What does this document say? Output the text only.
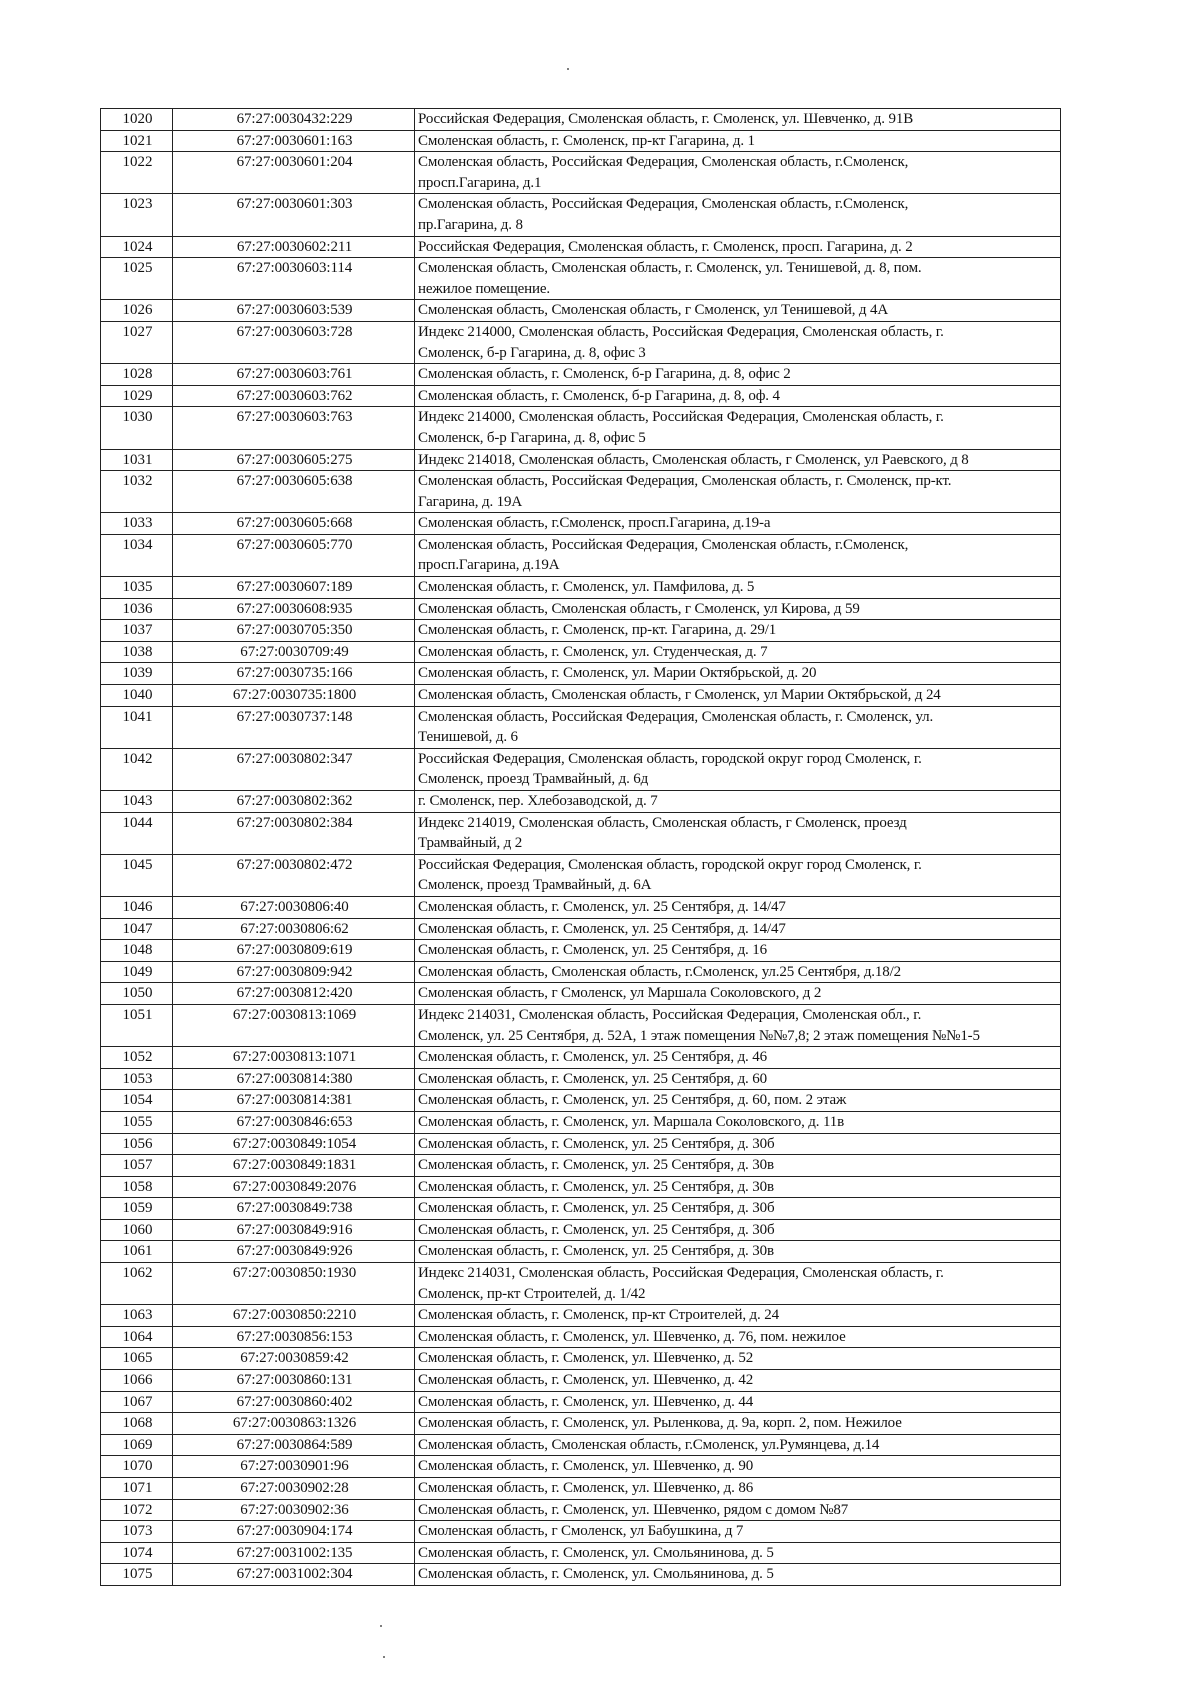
1020	67:27:0030432:229	Российская Федерация, Смоленская область, г. Смоленск, ул. Шевченко, д. 91В
1021	67:27:0030601:163	Смоленская область, г. Смоленск, пр-кт Гагарина, д. 1
1022	67:27:0030601:204	Смоленская область, Российская Федерация, Смоленская область, г.Смоленск,
просп.Гагарина, д.1
1023	67:27:0030601:303	Смоленская область, Российская Федерация, Смоленская область, г.Смоленск,
пр.Гагарина, д. 8
1024	67:27:0030602:211	Российская Федерация, Смоленская область, г. Смоленск, просп. Гагарина, д. 2
1025	67:27:0030603:114	Смоленская область, Смоленская область, г. Смоленск, ул. Тенишевой, д. 8, пом.
нежилое помещение.
1026	67:27:0030603:539	Смоленская область, Смоленская область, г Смоленск, ул Тенишевой, д 4А
1027	67:27:0030603:728	Индекс 214000, Смоленская область, Российская Федерация, Смоленская область, г.
Смоленск, б-р Гагарина, д. 8, офис 3
1028	67:27:0030603:761	Смоленская область, г. Смоленск, б-р Гагарина, д. 8, офис 2
1029	67:27:0030603:762	Смоленская область, г. Смоленск, б-р Гагарина, д. 8, оф. 4
1030	67:27:0030603:763	Индекс 214000, Смоленская область, Российская Федерация, Смоленская область, г.
Смоленск, б-р Гагарина, д. 8, офис 5
1031	67:27:0030605:275	Индекс 214018, Смоленская область, Смоленская область, г Смоленск, ул Раевского, д 8
1032	67:27:0030605:638	Смоленская область, Российская Федерация, Смоленская область, г. Смоленск, пр-кт.
Гагарина, д. 19А
1033	67:27:0030605:668	Смоленская область, г.Смоленск, просп.Гагарина, д.19-а
1034	67:27:0030605:770	Смоленская область, Российская Федерация, Смоленская область, г.Смоленск,
просп.Гагарина, д.19А
1035	67:27:0030607:189	Смоленская область, г. Смоленск, ул. Памфилова, д. 5
1036	67:27:0030608:935	Смоленская область, Смоленская область, г Смоленск, ул Кирова, д 59
1037	67:27:0030705:350	Смоленская область, г. Смоленск, пр-кт. Гагарина, д. 29/1
1038	67:27:0030709:49	Смоленская область, г. Смоленск, ул. Студенческая, д. 7
1039	67:27:0030735:166	Смоленская область, г. Смоленск, ул. Марии Октябрьской, д. 20
1040	67:27:0030735:1800	Смоленская область, Смоленская область, г Смоленск, ул Марии Октябрьской, д 24
1041	67:27:0030737:148	Смоленская область, Российская Федерация, Смоленская область, г. Смоленск, ул.
Тенишевой, д. 6
1042	67:27:0030802:347	Российская Федерация, Смоленская область, городской округ город Смоленск, г.
Смоленск, проезд Трамвайный, д. 6д
1043	67:27:0030802:362	г. Смоленск, пер. Хлебозаводской, д. 7
1044	67:27:0030802:384	Индекс 214019, Смоленская область, Смоленская область, г Смоленск, проезд
Трамвайный, д 2
1045	67:27:0030802:472	Российская Федерация, Смоленская область, городской округ город Смоленск, г.
Смоленск, проезд Трамвайный, д. 6А
1046	67:27:0030806:40	Смоленская область, г. Смоленск, ул. 25 Сентября, д. 14/47
1047	67:27:0030806:62	Смоленская область, г. Смоленск, ул. 25 Сентября, д. 14/47
1048	67:27:0030809:619	Смоленская область, г. Смоленск, ул. 25 Сентября, д. 16
1049	67:27:0030809:942	Смоленская область, Смоленская область, г.Смоленск, ул.25 Сентября, д.18/2
1050	67:27:0030812:420	Смоленская область, г Смоленск, ул Маршала Соколовского, д 2
1051	67:27:0030813:1069	Индекс 214031, Смоленская область, Российская Федерация, Смоленская обл., г.
Смоленск, ул. 25 Сентября, д. 52А, 1 этаж помещения №№7,8; 2 этаж помещения №№1-5
1052	67:27:0030813:1071	Смоленская область, г. Смоленск, ул. 25 Сентября, д. 46
1053	67:27:0030814:380	Смоленская область, г. Смоленск, ул. 25 Сентября, д. 60
1054	67:27:0030814:381	Смоленская область, г. Смоленск, ул. 25 Сентября, д. 60, пом. 2 этаж
1055	67:27:0030846:653	Смоленская область, г. Смоленск, ул. Маршала Соколовского, д. 11в
1056	67:27:0030849:1054	Смоленская область, г. Смоленск, ул. 25 Сентября, д. 30б
1057	67:27:0030849:1831	Смоленская область, г. Смоленск, ул. 25 Сентября, д. 30в
1058	67:27:0030849:2076	Смоленская область, г. Смоленск, ул. 25 Сентября, д. 30в
1059	67:27:0030849:738	Смоленская область, г. Смоленск, ул. 25 Сентября, д. 30б
1060	67:27:0030849:916	Смоленская область, г. Смоленск, ул. 25 Сентября, д. 30б
1061	67:27:0030849:926	Смоленская область, г. Смоленск, ул. 25 Сентября, д. 30в
1062	67:27:0030850:1930	Индекс 214031, Смоленская область, Российская Федерация, Смоленская область, г.
Смоленск, пр-кт Строителей, д. 1/42
1063	67:27:0030850:2210	Смоленская область, г. Смоленск, пр-кт Строителей, д. 24
1064	67:27:0030856:153	Смоленская область, г. Смоленск, ул. Шевченко, д. 76, пом. нежилое
1065	67:27:0030859:42	Смоленская область, г. Смоленск, ул. Шевченко, д. 52
1066	67:27:0030860:131	Смоленская область, г. Смоленск, ул. Шевченко, д. 42
1067	67:27:0030860:402	Смоленская область, г. Смоленск, ул. Шевченко, д. 44
1068	67:27:0030863:1326	Смоленская область, г. Смоленск, ул. Рыленкова, д. 9а, корп. 2, пом. Нежилое
1069	67:27:0030864:589	Смоленская область, Смоленская область, г.Смоленск, ул.Румянцева, д.14
1070	67:27:0030901:96	Смоленская область, г. Смоленск, ул. Шевченко, д. 90
1071	67:27:0030902:28	Смоленская область, г. Смоленск, ул. Шевченко, д. 86
1072	67:27:0030902:36	Смоленская область, г. Смоленск, ул. Шевченко, рядом с домом №87
1073	67:27:0030904:174	Смоленская область, г Смоленск, ул Бабушкина, д 7
1074	67:27:0031002:135	Смоленская область, г. Смоленск, ул. Смольянинова, д. 5
1075	67:27:0031002:304	Смоленская область, г. Смоленск, ул. Смольянинова, д. 5
